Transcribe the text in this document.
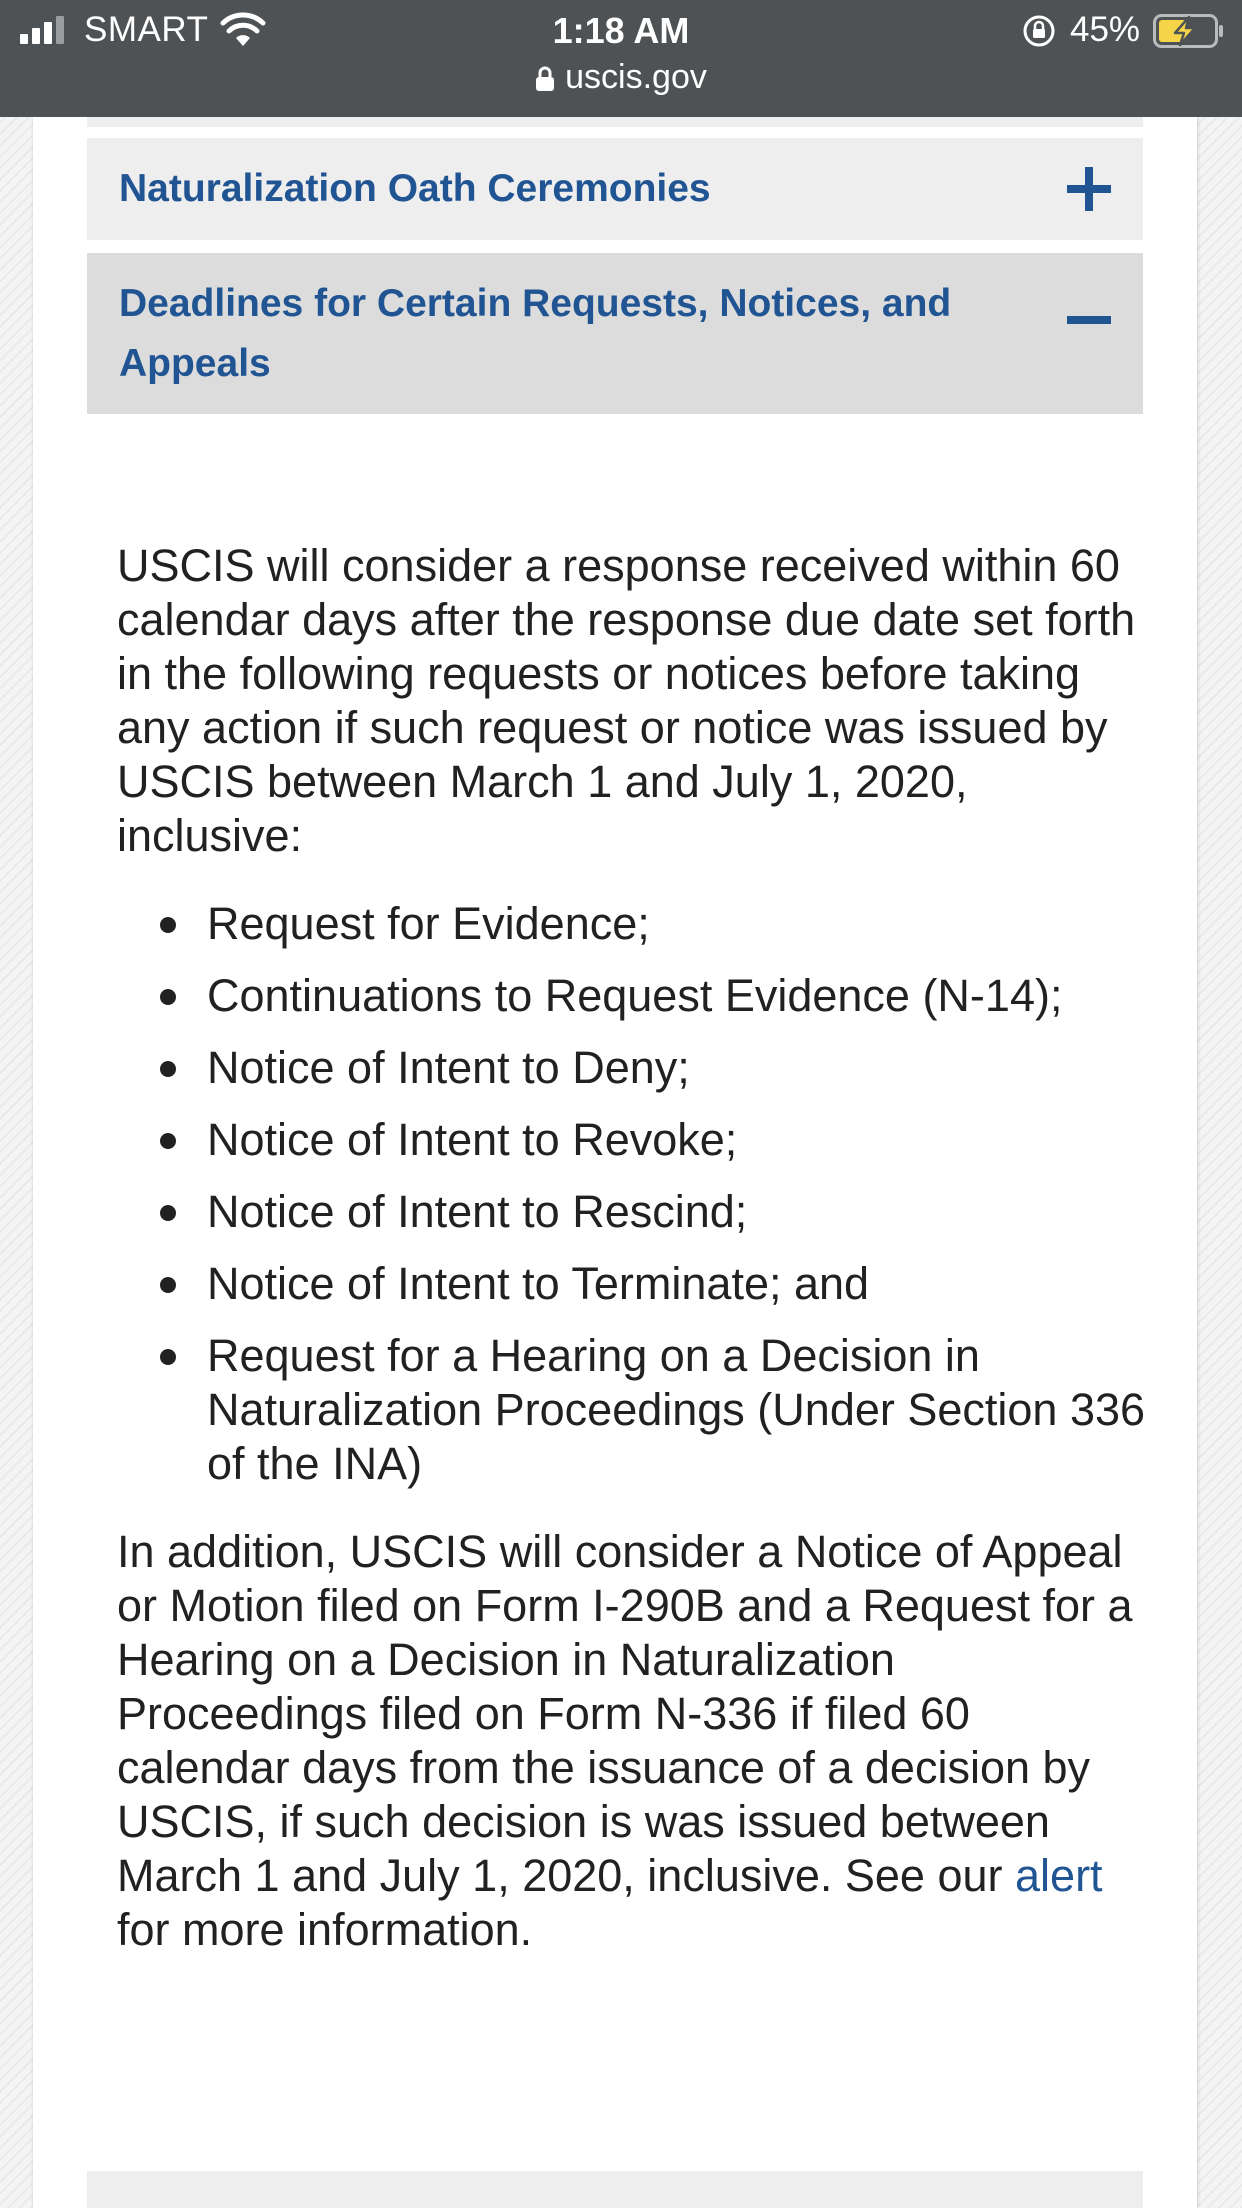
SMART	1:18 AM
uscis.gov
45%
Naturalization Oath Ceremonies
Deadlines for Certain Requests, Notices, and Appeals

USCIS will consider a response received within 60 calendar days after the response due date set forth in the following requests or notices before taking any action if such request or notice was issued by USCIS between March 1 and July 1, 2020, inclusive:

Request for Evidence;
Continuations to Request Evidence (N-14);
Notice of Intent to Deny;
Notice of Intent to Revoke;
Notice of Intent to Rescind;
Notice of Intent to Terminate; and
Request for a Hearing on a Decision in Naturalization Proceedings (Under Section 336 of the INA)

In addition, USCIS will consider a Notice of Appeal or Motion filed on Form I-290B and a Request for a Hearing on a Decision in Naturalization Proceedings filed on Form N-336 if filed 60 calendar days from the issuance of a decision by USCIS, if such decision is was issued between March 1 and July 1, 2020, inclusive. See our alert for more information.
